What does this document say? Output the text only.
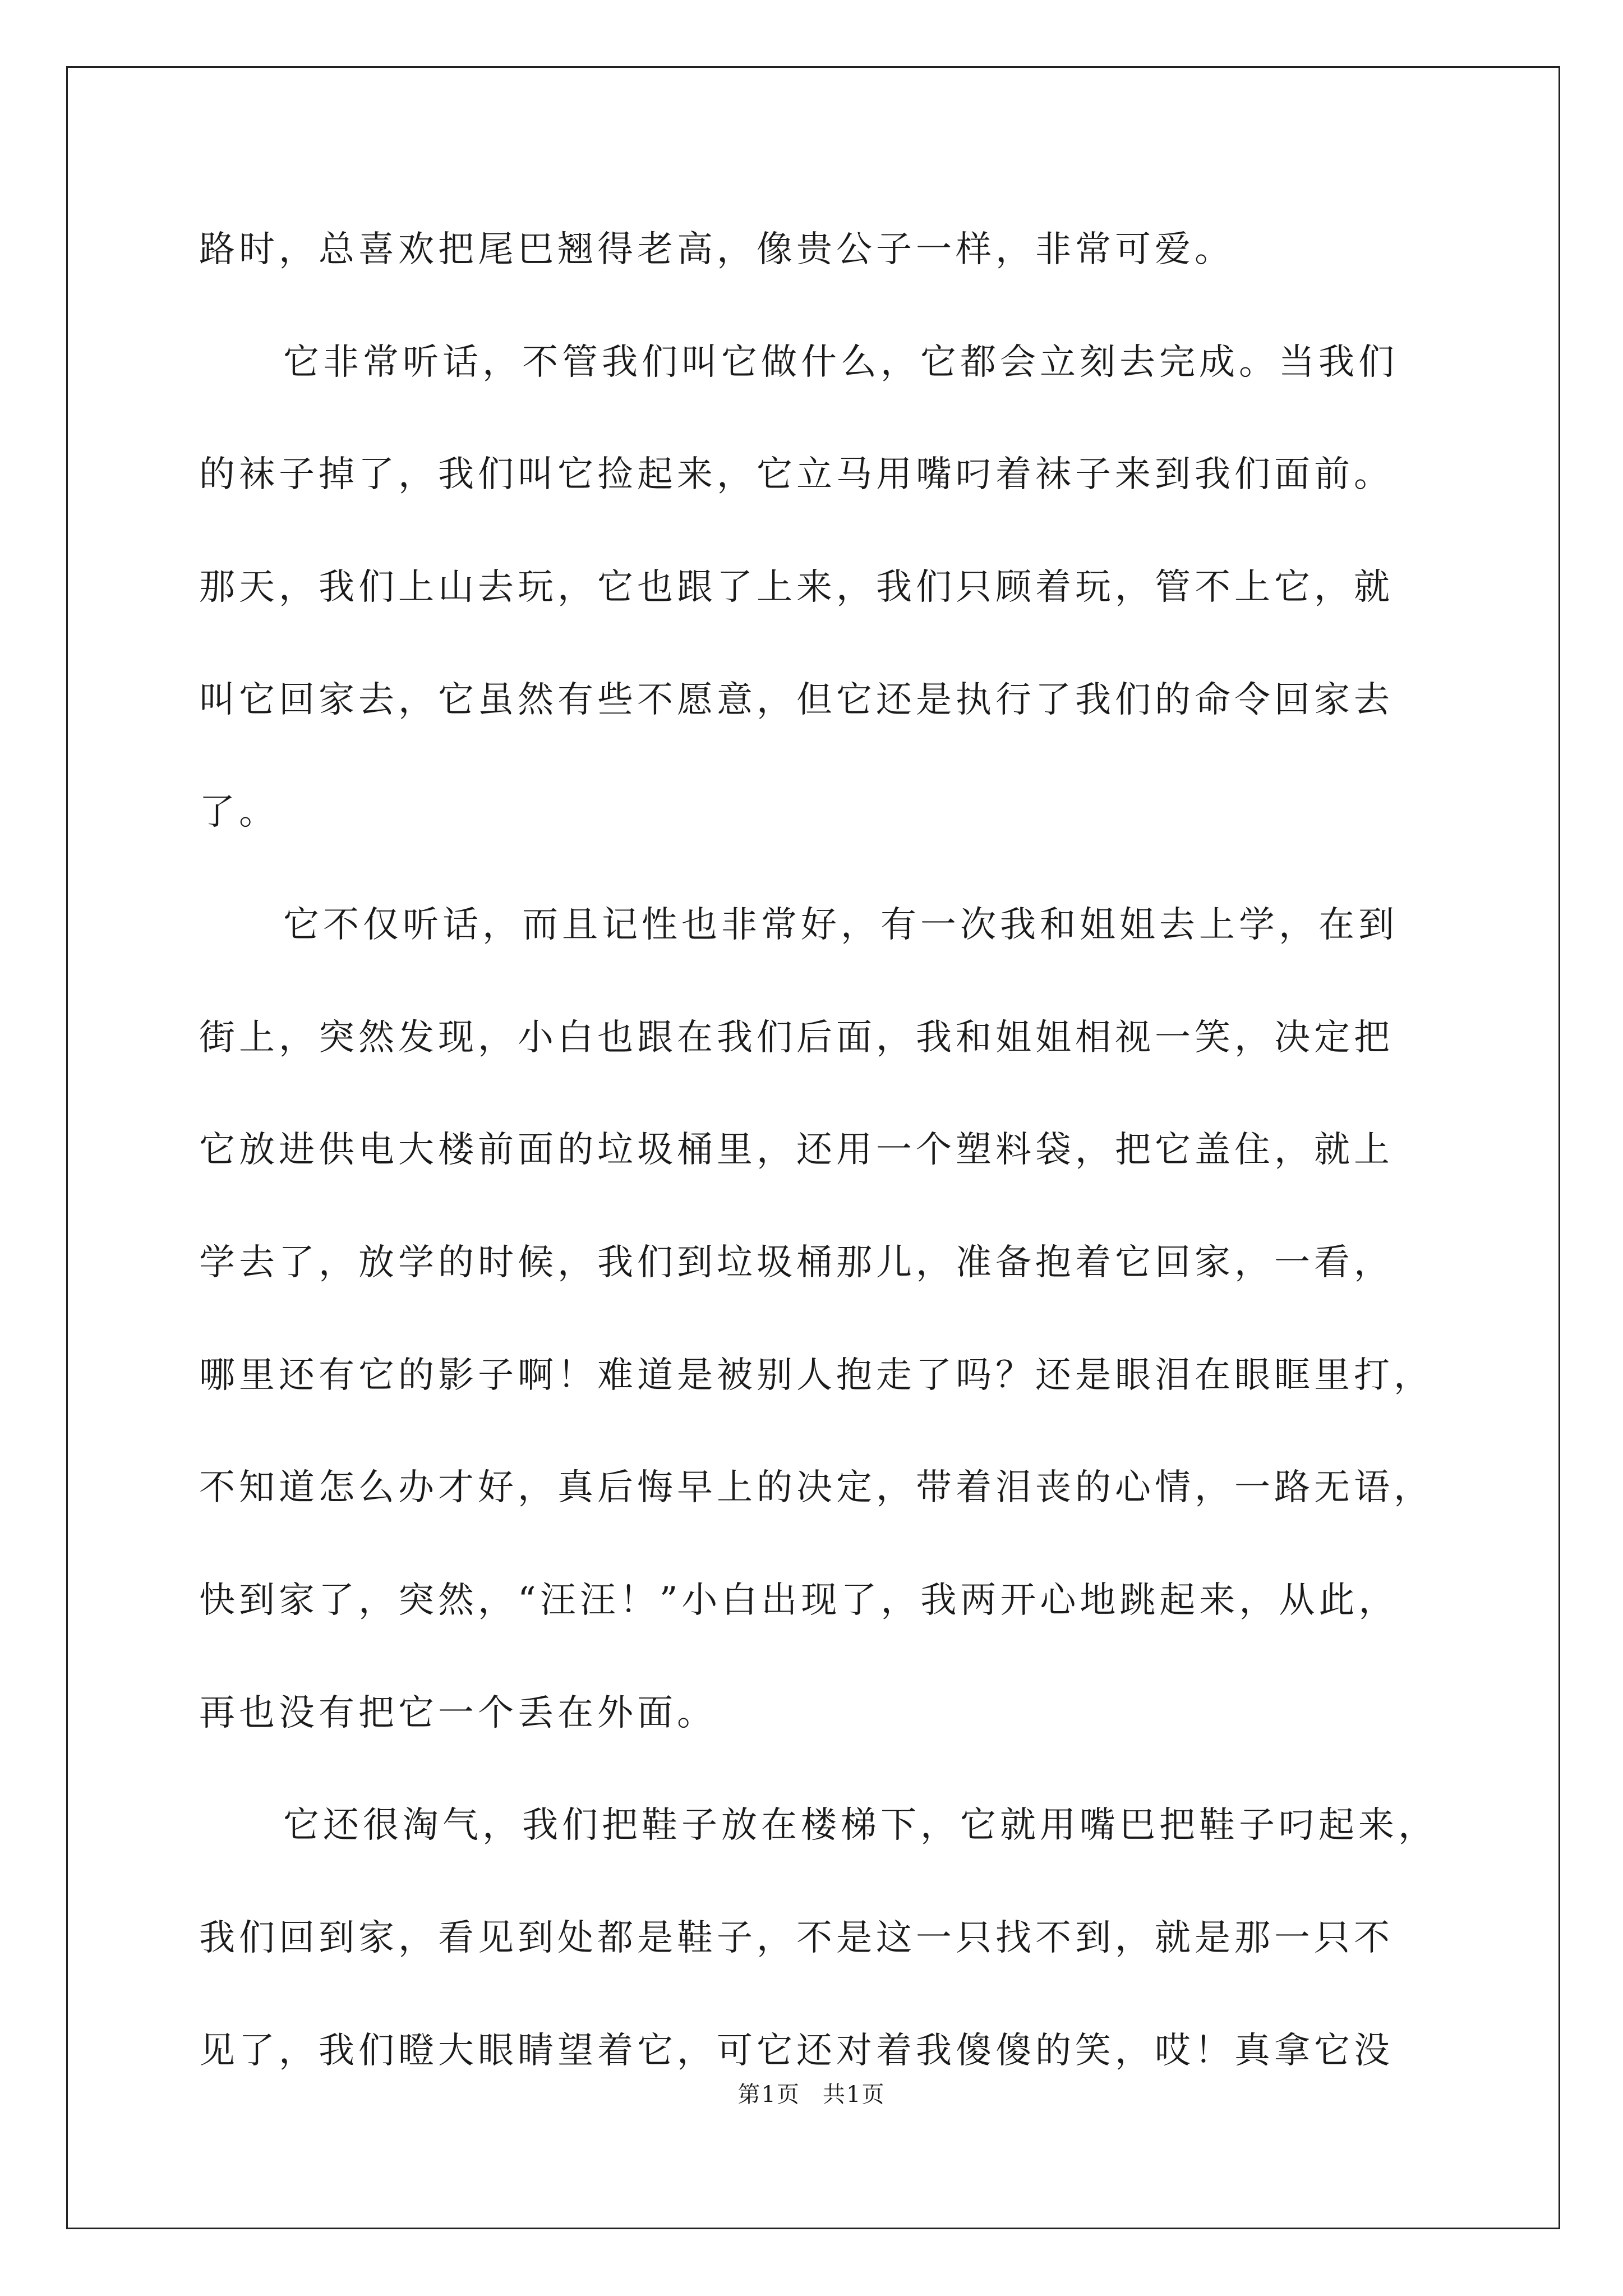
路时，总喜欢把尾巴翘得老高，像贵公子一样，非常可爱。
它非常听话，不管我们叫它做什么，它都会立刻去完成。当我们
的袜子掉了，我们叫它捡起来，它立马用嘴叼着袜子来到我们面前。
那天，我们上山去玩，它也跟了上来，我们只顾着玩，管不上它，就
叫它回家去，它虽然有些不愿意，但它还是执行了我们的命令回家去
了。
它不仅听话，而且记性也非常好，有一次我和姐姐去上学，在到
街上，突然发现，小白也跟在我们后面，我和姐姐相视一笑，决定把
它放进供电大楼前面的垃圾桶里，还用一个塑料袋，把它盖住，就上
学去了，放学的时候，我们到垃圾桶那儿，准备抱着它回家，一看，
哪里还有它的影子啊！难道是被别人抱走了吗？还是眼泪在眼眶里打，
不知道怎么办才好，真后悔早上的决定，带着泪丧的心情，一路无语，
快到家了，突然，“汪汪！”小白出现了，我两开心地跳起来，从此，
再也没有把它一个丢在外面。
它还很淘气，我们把鞋子放在楼梯下，它就用嘴巴把鞋子叼起来，
我们回到家，看见到处都是鞋子，不是这一只找不到，就是那一只不
见了，我们瞪大眼睛望着它，可它还对着我傻傻的笑，哎！真拿它没
第1页 共1页
